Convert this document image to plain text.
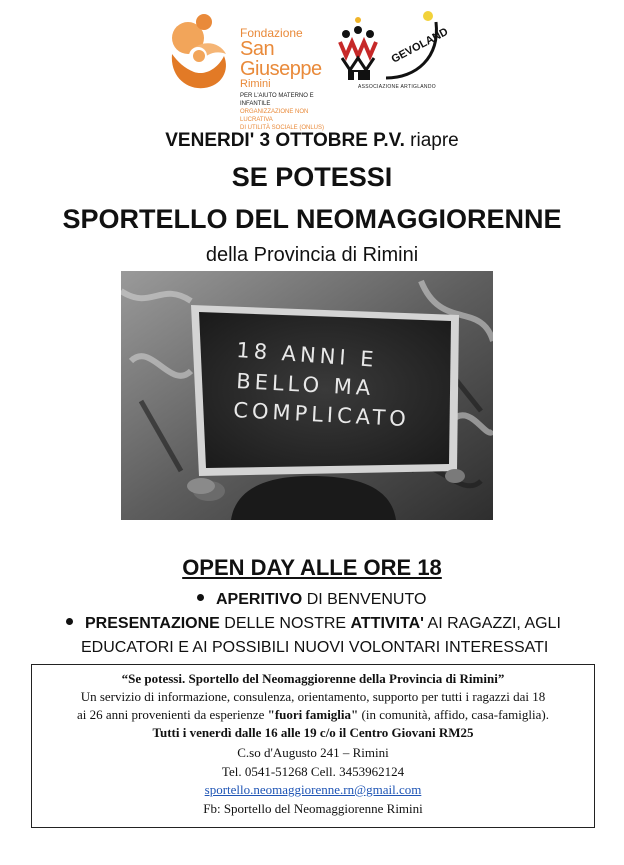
Fondazione
San Giuseppe
Rimini
PER L'AIUTO MATERNO E INFANTILE
ORGANIZZAZIONE NON LUCRATIVA
DI UTILITÀ SOCIALE (ONLUS)
GEVOLAND
ASSOCIAZIONE ARTIGLANDO
VENERDI' 3 OTTOBRE P.V. riapre
SE POTESSI
SPORTELLO DEL NEOMAGGIORENNE
della Provincia di Rimini
18 ANNI E
BELLO MA
COMPLICATO
OPEN DAY ALLE ORE 18
APERITIVO DI BENVENUTO
PRESENTAZIONE DELLE NOSTRE ATTIVITA' AI RAGAZZI, AGLI
EDUCATORI E AI POSSIBILI NUOVI VOLONTARI INTERESSATI
“Se potessi. Sportello del Neomaggiorenne della Provincia di Rimini”
Un servizio di informazione, consulenza, orientamento, supporto per tutti i ragazzi dai 18
ai 26 anni provenienti da esperienze "fuori famiglia" (in comunità, affido, casa-famiglia).
Tutti i venerdì dalle 16 alle 19 c/o il Centro Giovani RM25
C.so d'Augusto 241 – Rimini
Tel. 0541-51268 Cell. 3453962124
sportello.neomaggiorenne.rn@gmail.com
Fb: Sportello del Neomaggiorenne Rimini
